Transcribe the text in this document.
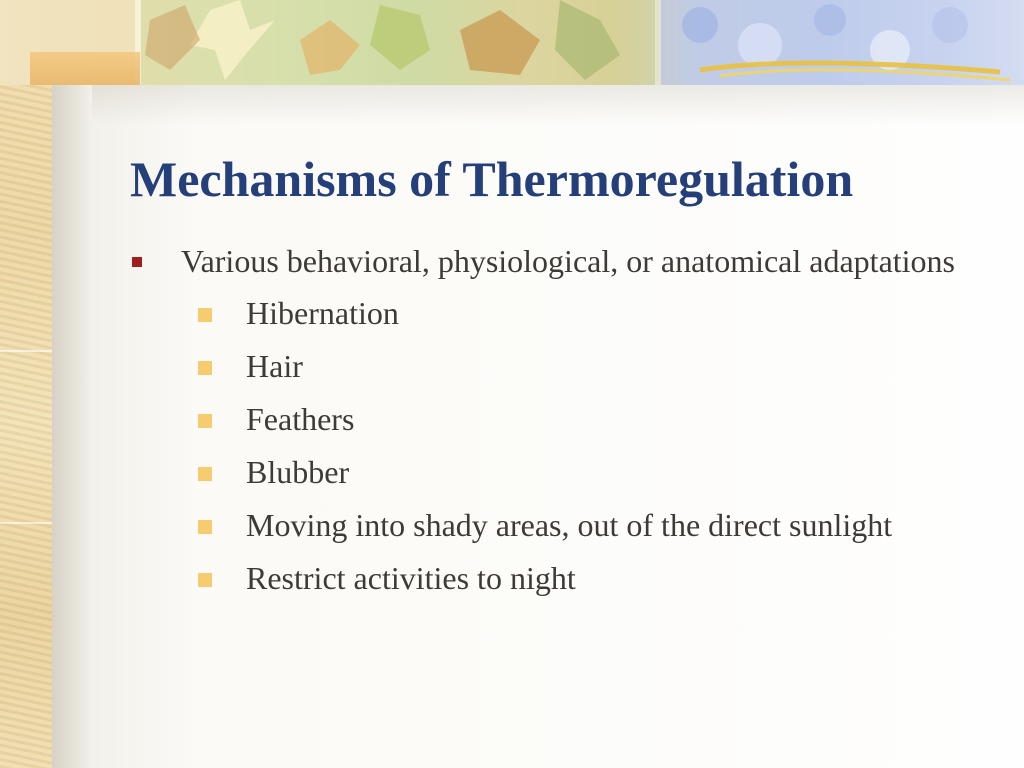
Mechanisms of Thermoregulation
Various behavioral, physiological, or anatomical adaptations
Hibernation
Hair
Feathers
Blubber
Moving into shady areas, out of the direct sunlight
Restrict activities to night
